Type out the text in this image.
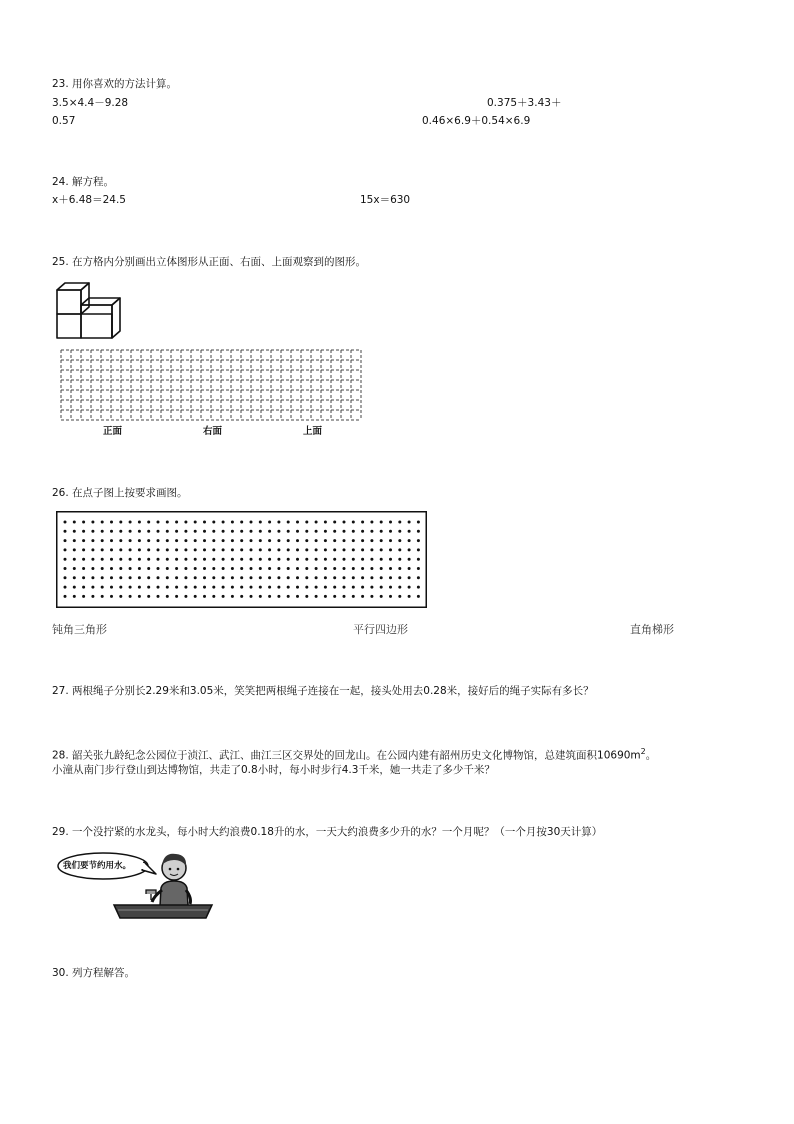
23. 用你喜欢的方法计算。
3.5×4.4－9.28	0.375＋3.43＋
0.57	0.46×6.9＋0.54×6.9
24. 解方程。
x＋6.48＝24.5	15x＝630
25. 在方格内分别画出立体图形从正面、右面、上面观察到的图形。
正面	右面	上面
26. 在点子图上按要求画图。
钝角三角形	平行四边形	直角梯形
27. 两根绳子分别长2.29米和3.05米，笑笑把两根绳子连接在一起，接头处用去0.28米，接好后的绳子实际有多长？
28. 韶关张九龄纪念公园位于浈江、武江、曲江三区交界处的回龙山。在公园内建有韶州历史文化博物馆，总建筑面积$10690m^2$。
小潼从南门步行登山到达博物馆，共走了0.8小时，每小时步行4.3千米，她一共走了多少千米？
29. 一个没拧紧的水龙头，每小时大约浪费0.18升的水，一天大约浪费多少升的水？一个月呢？（一个月按30天计算）
我们要节约用水。
30. 列方程解答。
